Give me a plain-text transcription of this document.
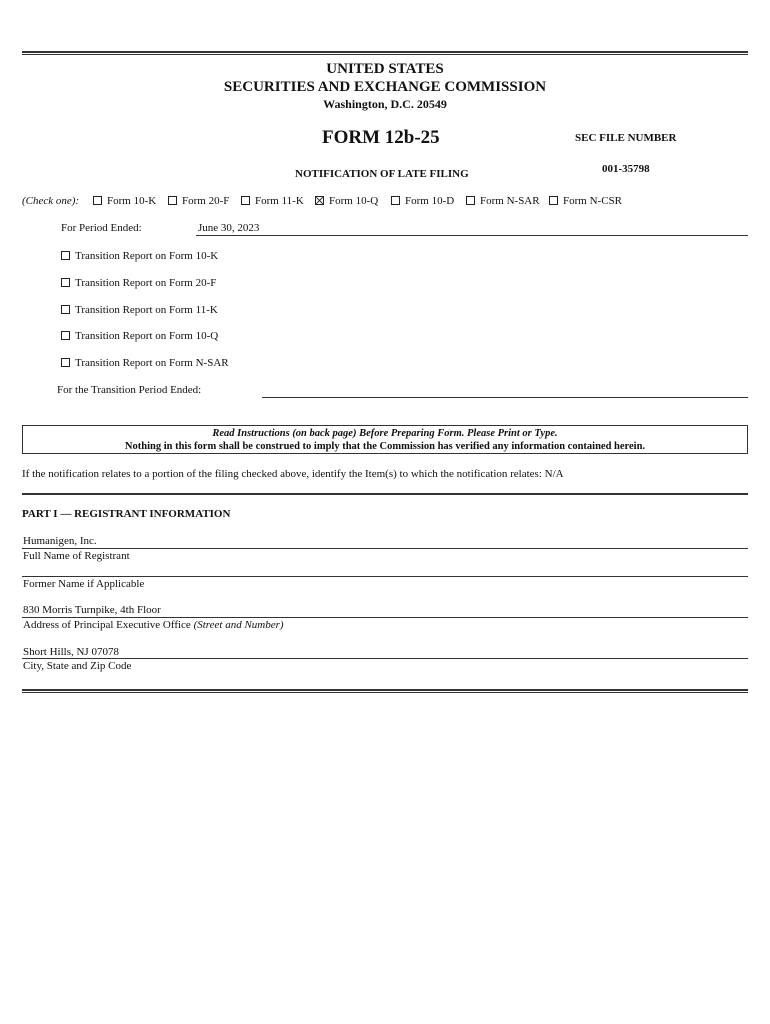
UNITED STATES
SECURITIES AND EXCHANGE COMMISSION
Washington, D.C. 20549
FORM 12b-25	SEC FILE NUMBER
001-35798
NOTIFICATION OF LATE FILING
(Check one):	Form 10-K	Form 20-F	Form 11-K	Form 10-Q	Form 10-D	Form N-SAR	Form N-CSR
For Period Ended:	June 30, 2023
Transition Report on Form 10-K
Transition Report on Form 20-F
Transition Report on Form 11-K
Transition Report on Form 10-Q
Transition Report on Form N-SAR
For the Transition Period Ended:
Read Instructions (on back page) Before Preparing Form. Please Print or Type.
Nothing in this form shall be construed to imply that the Commission has verified any information contained herein.
If the notification relates to a portion of the filing checked above, identify the Item(s) to which the notification relates: N/A
PART I — REGISTRANT INFORMATION
Humanigen, Inc.
Full Name of Registrant
Former Name if Applicable
830 Morris Turnpike, 4th Floor
Address of Principal Executive Office (Street and Number)
Short Hills, NJ 07078
City, State and Zip Code
